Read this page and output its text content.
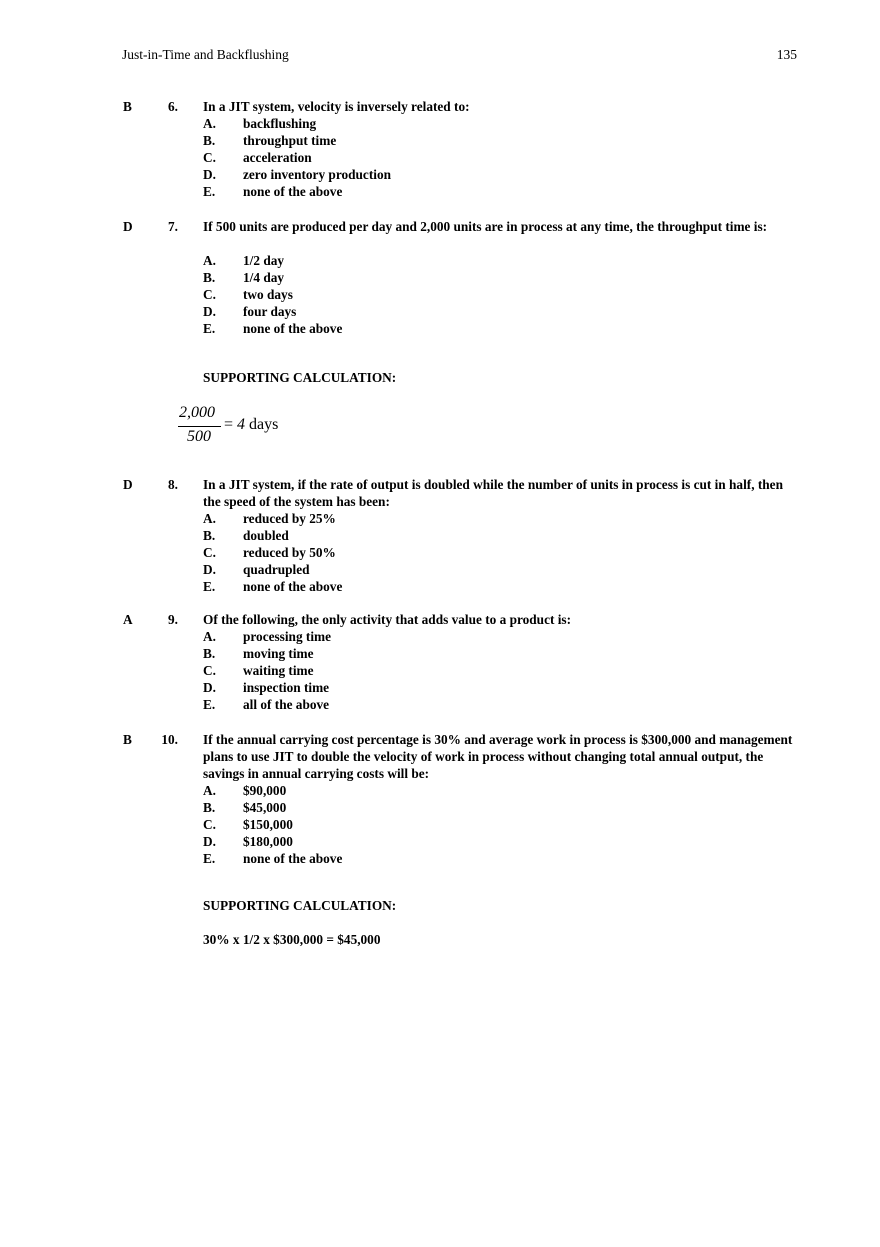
Just-in-Time and Backflushing	135
B	6. In a JIT system, velocity is inversely related to:
A. backflushing
B. throughput time
C. acceleration
D. zero inventory production
E. none of the above
D	7. If 500 units are produced per day and 2,000 units are in process at any time, the throughput time is:
A. 1/2 day
B. 1/4 day
C. two days
D. four days
E. none of the above
SUPPORTING CALCULATION:
2,000
500
= 4 days
D	8. In a JIT system, if the rate of output is doubled while the number of units in process is cut in half, then the speed of the system has been:
A. reduced by 25%
B. doubled
C. reduced by 50%
D. quadrupled
E. none of the above
A	9. Of the following, the only activity that adds value to a product is:
A. processing time
B. moving time
C. waiting time
D. inspection time
E. all of the above
B 10. If the annual carrying cost percentage is 30% and average work in process is $300,000 and management plans to use JIT to double the velocity of work in process without changing total annual output, the savings in annual carrying costs will be:
A. $90,000
B. $45,000
C. $150,000
D. $180,000
E. none of the above
SUPPORTING CALCULATION:
30% x 1/2 x $300,000 = $45,000
